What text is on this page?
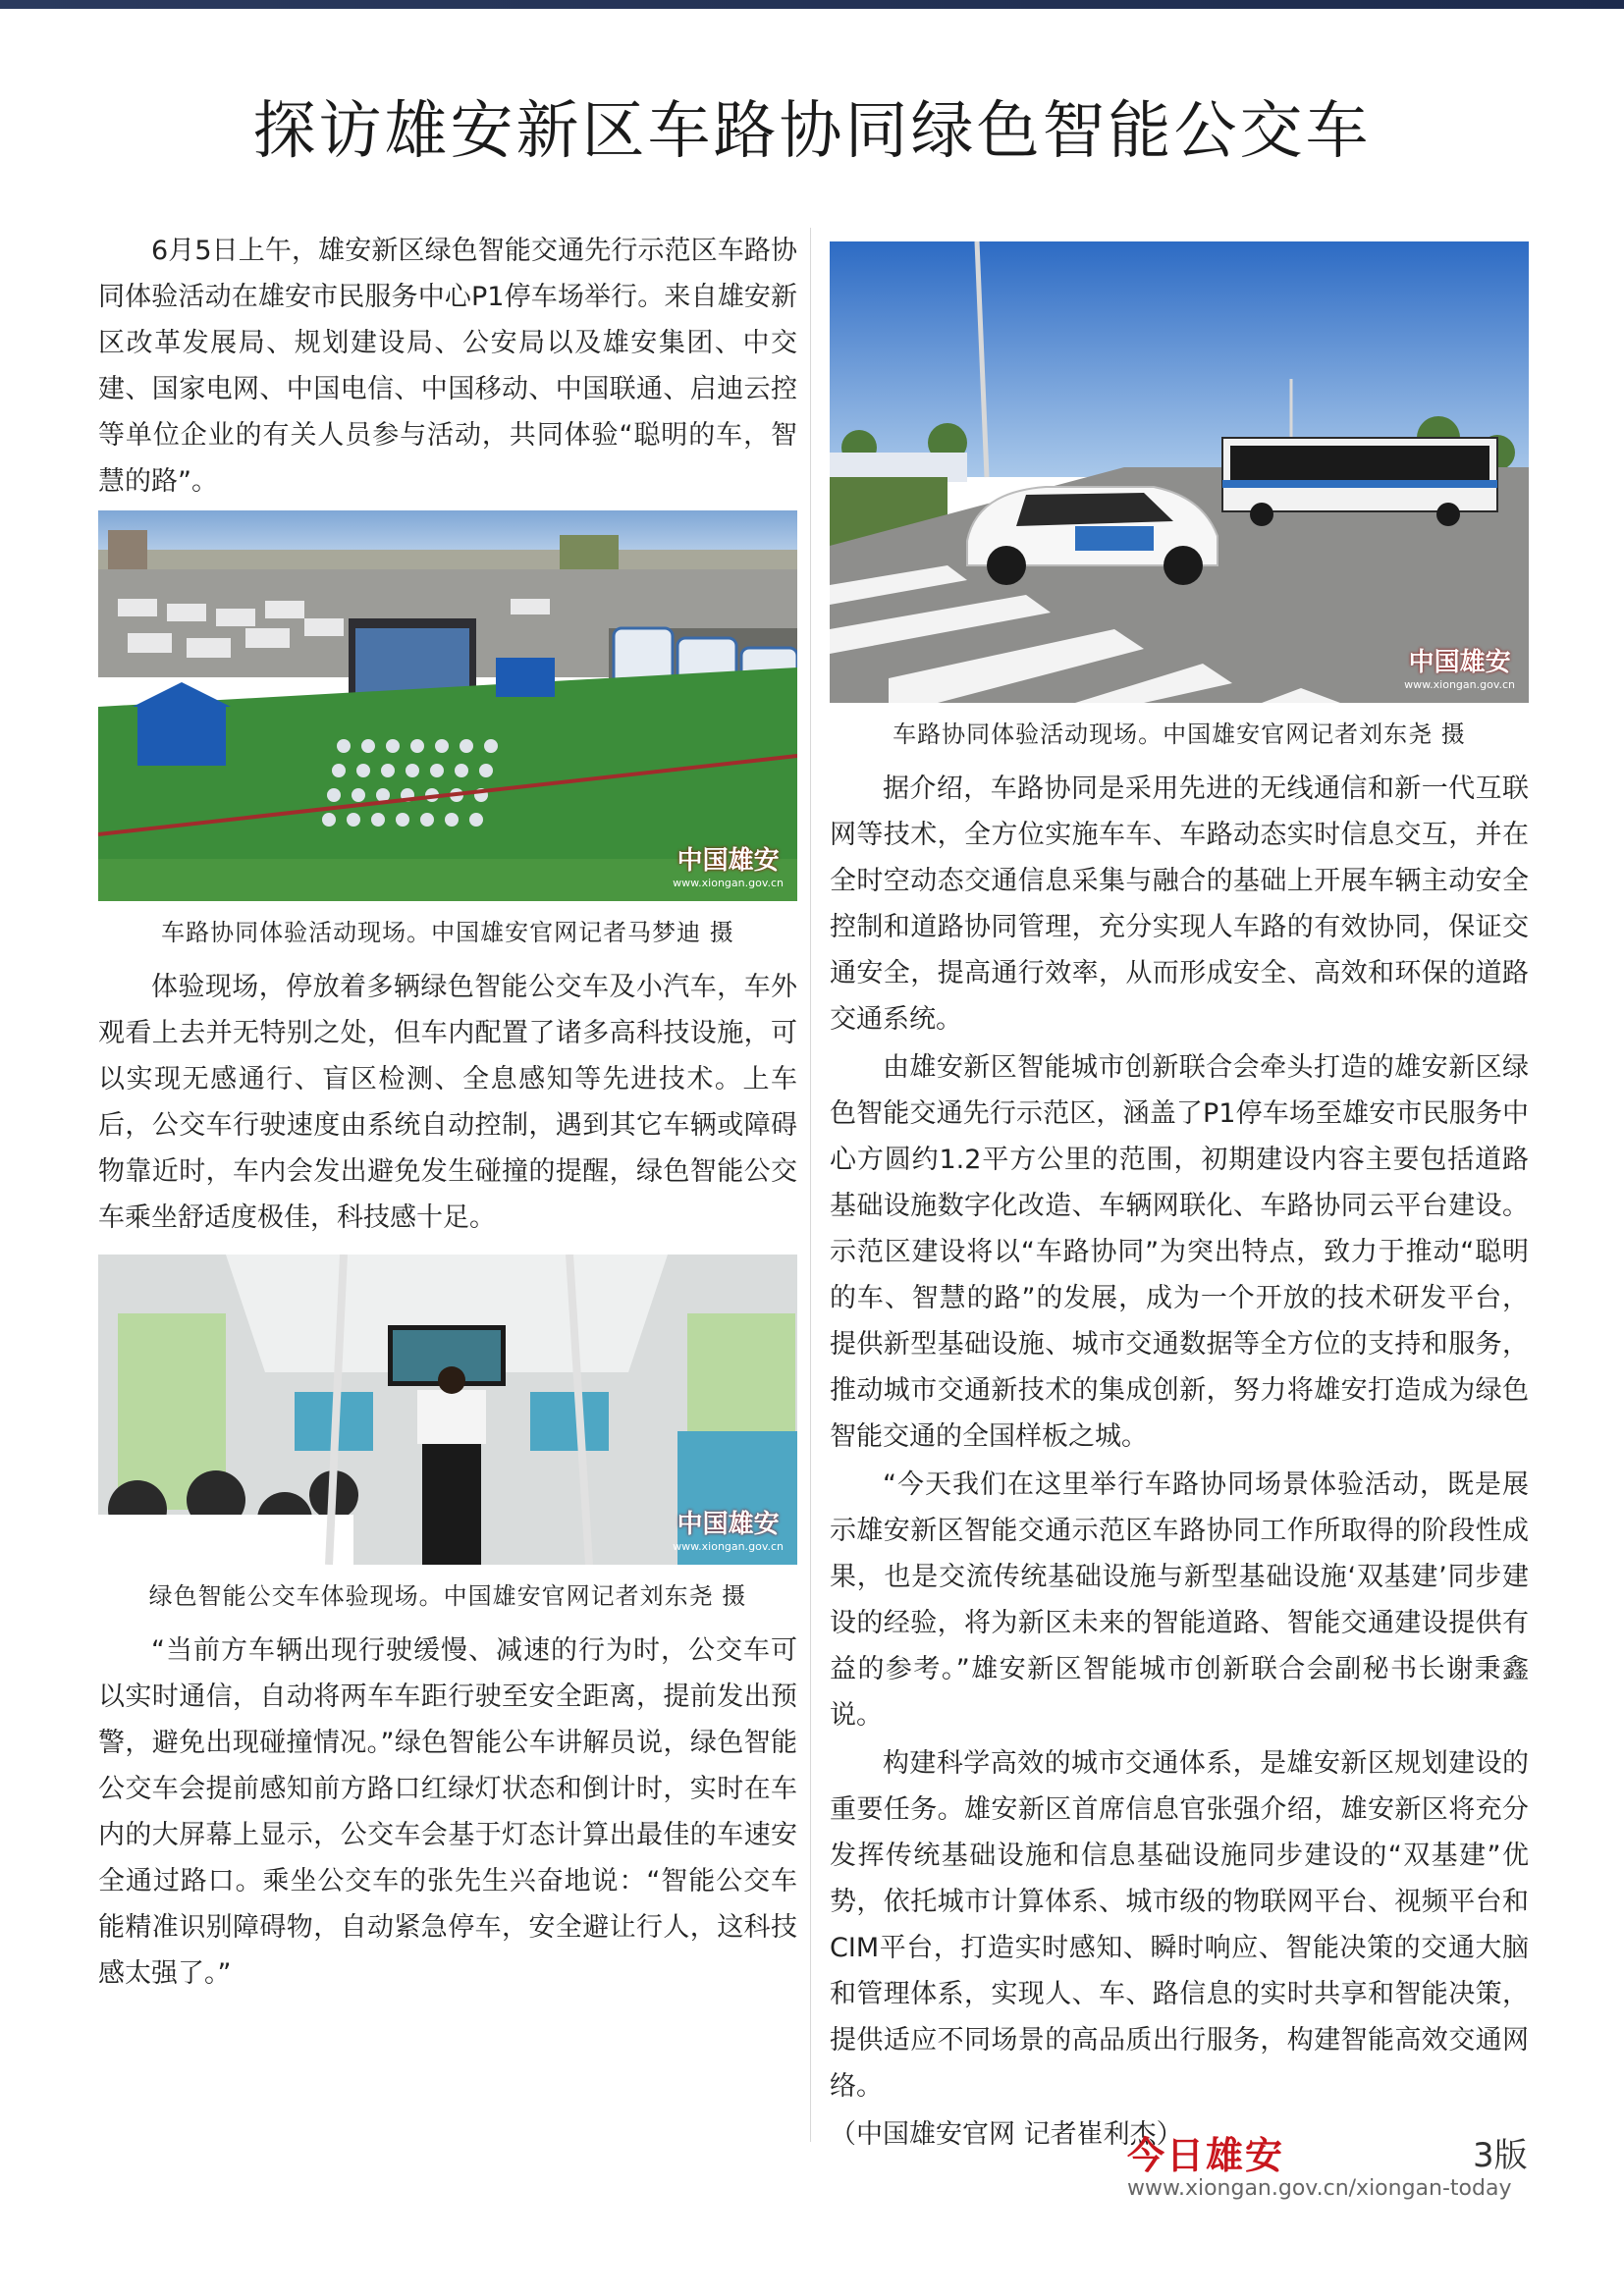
探访雄安新区车路协同绿色智能公交车

6月5日上午，雄安新区绿色智能交通先行示范区车路协同体验活动在雄安市民服务中心P1停车场举行。来自雄安新区改革发展局、规划建设局、公安局以及雄安集团、中交建、国家电网、中国电信、中国移动、中国联通、启迪云控等单位企业的有关人员参与活动，共同体验“聪明的车，智慧的路”。

中国雄安
www.xiongan.gov.cn
车路协同体验活动现场。中国雄安官网记者马梦迪 摄

体验现场，停放着多辆绿色智能公交车及小汽车，车外观看上去并无特别之处，但车内配置了诸多高科技设施，可以实现无感通行、盲区检测、全息感知等先进技术。上车后，公交车行驶速度由系统自动控制，遇到其它车辆或障碍物靠近时，车内会发出避免发生碰撞的提醒，绿色智能公交车乘坐舒适度极佳，科技感十足。

中国雄安
www.xiongan.gov.cn
绿色智能公交车体验现场。中国雄安官网记者刘东尧 摄

“当前方车辆出现行驶缓慢、减速的行为时，公交车可以实时通信，自动将两车车距行驶至安全距离，提前发出预警，避免出现碰撞情况。”绿色智能公车讲解员说，绿色智能公交车会提前感知前方路口红绿灯状态和倒计时，实时在车内的大屏幕上显示，公交车会基于灯态计算出最佳的车速安全通过路口。乘坐公交车的张先生兴奋地说：“智能公交车能精准识别障碍物，自动紧急停车，安全避让行人，这科技感太强了。”

中国雄安
www.xiongan.gov.cn
车路协同体验活动现场。中国雄安官网记者刘东尧 摄

据介绍，车路协同是采用先进的无线通信和新一代互联网等技术，全方位实施车车、车路动态实时信息交互，并在全时空动态交通信息采集与融合的基础上开展车辆主动安全控制和道路协同管理，充分实现人车路的有效协同，保证交通安全，提高通行效率，从而形成安全、高效和环保的道路交通系统。

由雄安新区智能城市创新联合会牵头打造的雄安新区绿色智能交通先行示范区，涵盖了P1停车场至雄安市民服务中心方圆约1.2平方公里的范围，初期建设内容主要包括道路基础设施数字化改造、车辆网联化、车路协同云平台建设。示范区建设将以“车路协同”为突出特点，致力于推动“聪明的车、智慧的路”的发展，成为一个开放的技术研发平台，提供新型基础设施、城市交通数据等全方位的支持和服务，推动城市交通新技术的集成创新，努力将雄安打造成为绿色智能交通的全国样板之城。

“今天我们在这里举行车路协同场景体验活动，既是展示雄安新区智能交通示范区车路协同工作所取得的阶段性成果，也是交流传统基础设施与新型基础设施‘双基建’同步建设的经验，将为新区未来的智能道路、智能交通建设提供有益的参考。”雄安新区智能城市创新联合会副秘书长谢秉鑫说。

构建科学高效的城市交通体系，是雄安新区规划建设的重要任务。雄安新区首席信息官张强介绍，雄安新区将充分发挥传统基础设施和信息基础设施同步建设的“双基建”优势，依托城市计算体系、城市级的物联网平台、视频平台和CIM平台，打造实时感知、瞬时响应、智能决策的交通大脑和管理体系，实现人、车、路信息的实时共享和智能决策，提供适应不同场景的高品质出行服务，构建智能高效交通网络。

（中国雄安官网 记者崔利杰）

今日雄安	3版
www.xiongan.gov.cn/xiongan-today
